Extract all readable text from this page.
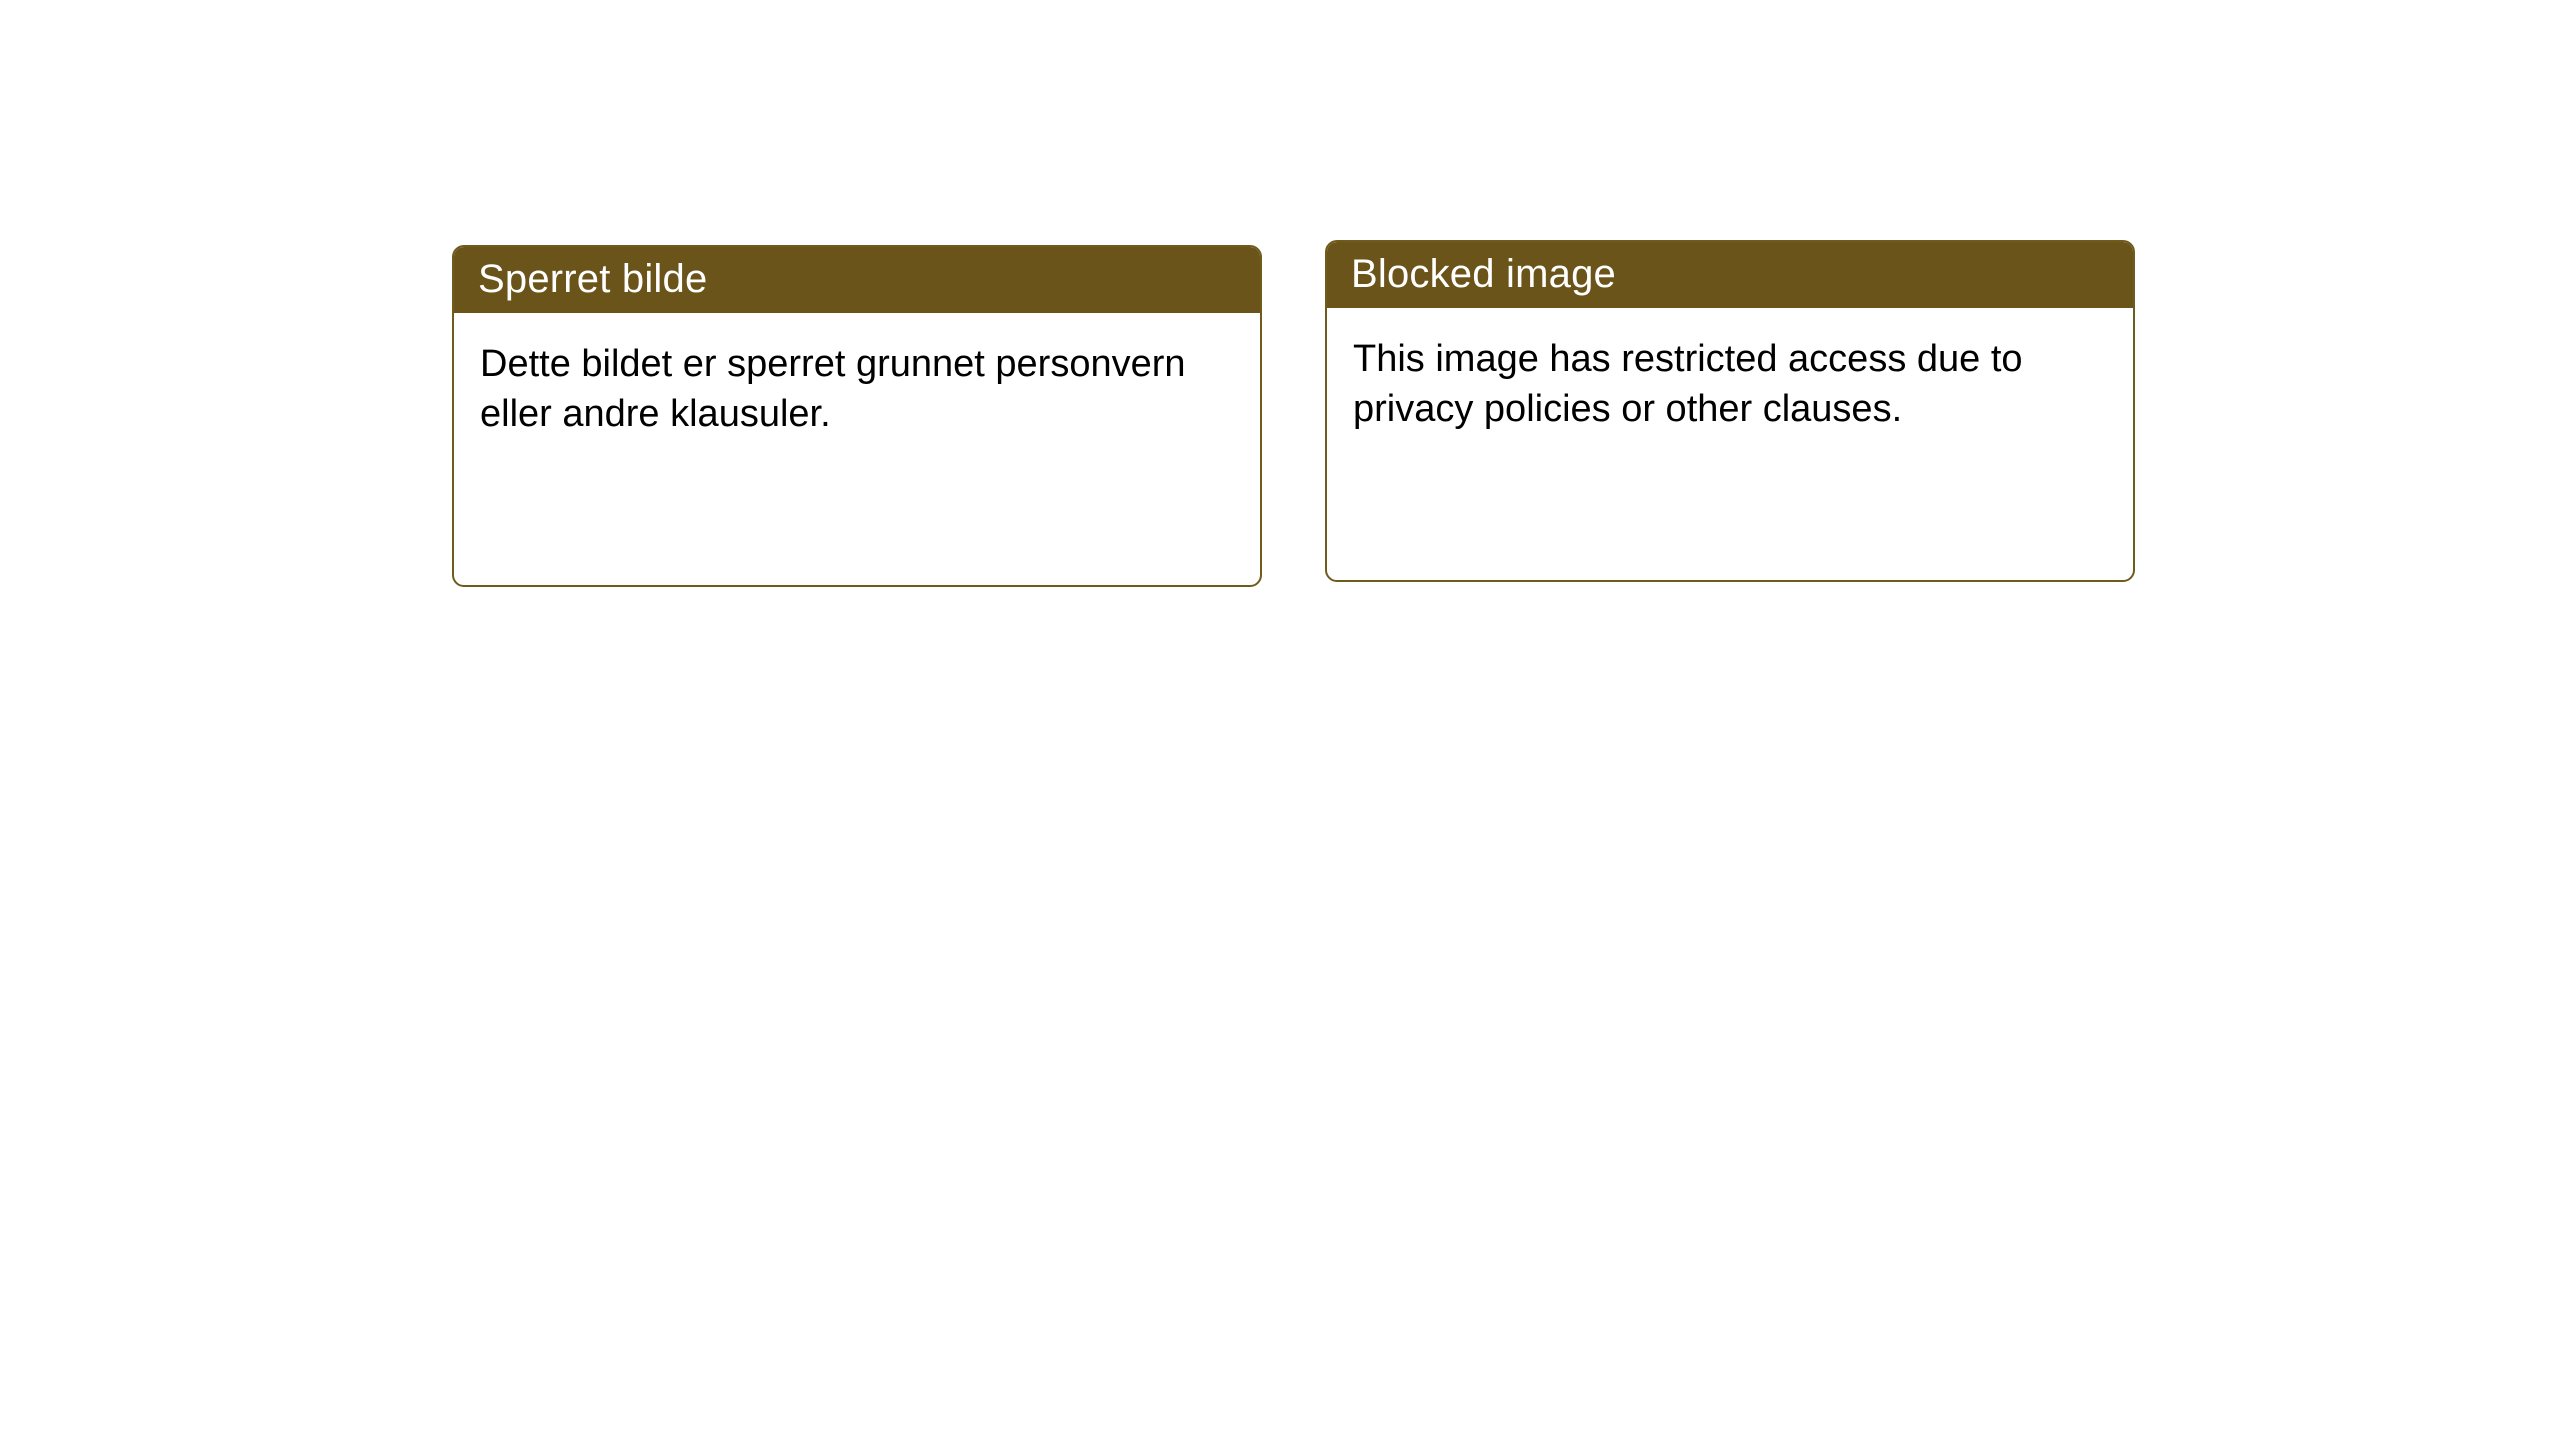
Sperret bilde

Dette bildet er sperret grunnet personvern eller andre klausuler.

Blocked image

This image has restricted access due to privacy policies or other clauses.
